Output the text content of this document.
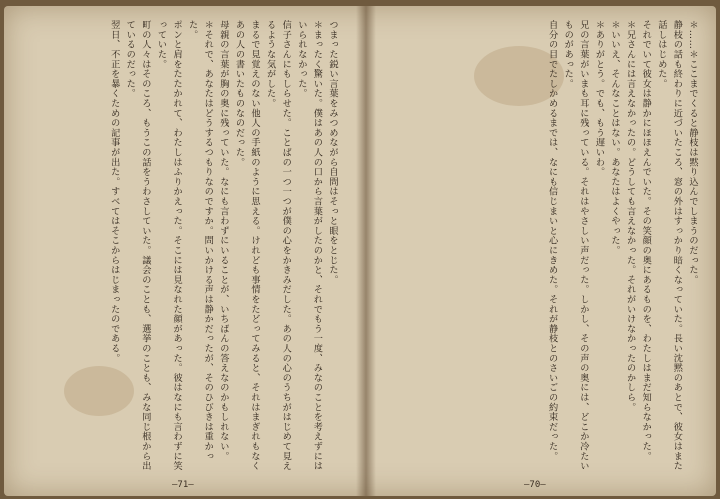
つまった鋭い言葉をみつめながら自問はそっと眼をとじた。

＊まったく驚いた。僕はあの人の口から言葉がしたのかと、それでもう一度、みなのことを考えずにはいられなかった。

信子さんにもしらせた。ことばの一つ一つが僕の心をかきみだした。あの人の心のうちがはじめて見えるような気がした。

まるで見覚えのない他人の手紙のように思える。けれども事情をたどってみると、それはまぎれもなくあの人の書いたものなのだった。

母親の言葉が胸の奥に残っていた。なにも言わずにいることが、いちばんの答えなのかもしれない。

＊それで、あなたはどうするつもりなのですか。問いかける声は静かだったが、そのひびきは重かった。

ポンと肩をたたかれて、わたしはふりかえった。そこには見なれた顔があった。彼はなにも言わずに笑っていた。

町の人々はそのころ、もうこの話をうわさしていた。議会のことも、選挙のことも、みな同じ根から出ているのだった。

翌日、不正を暴くための記事が出た。すべてはそこからはじまったのである。	＊……＊ここまでくると静枝は黙り込んでしまうのだった。

静枝の話も終わりに近づいたころ、窓の外はすっかり暗くなっていた。長い沈黙のあとで、彼女はまた話しはじめた。

それでいて彼女は静かにほほえんでいた。その笑顔の奥にあるものを、わたしはまだ知らなかった。

＊兄さんには言えなかったの。どうしても言えなかった。それがいけなかったのかしら。

＊いいえ、そんなことはない。あなたはよくやった。

＊ありがとう。でも、もう遅いわ。

兄の言葉がいまも耳に残っている。それはやさしい声だった。しかし、その声の奥には、どこか冷たいものがあった。

自分の目でたしかめるまでは、なにも信じまいと心にきめた。それが静枝とのさいごの約束だった。

—71—	—70—
